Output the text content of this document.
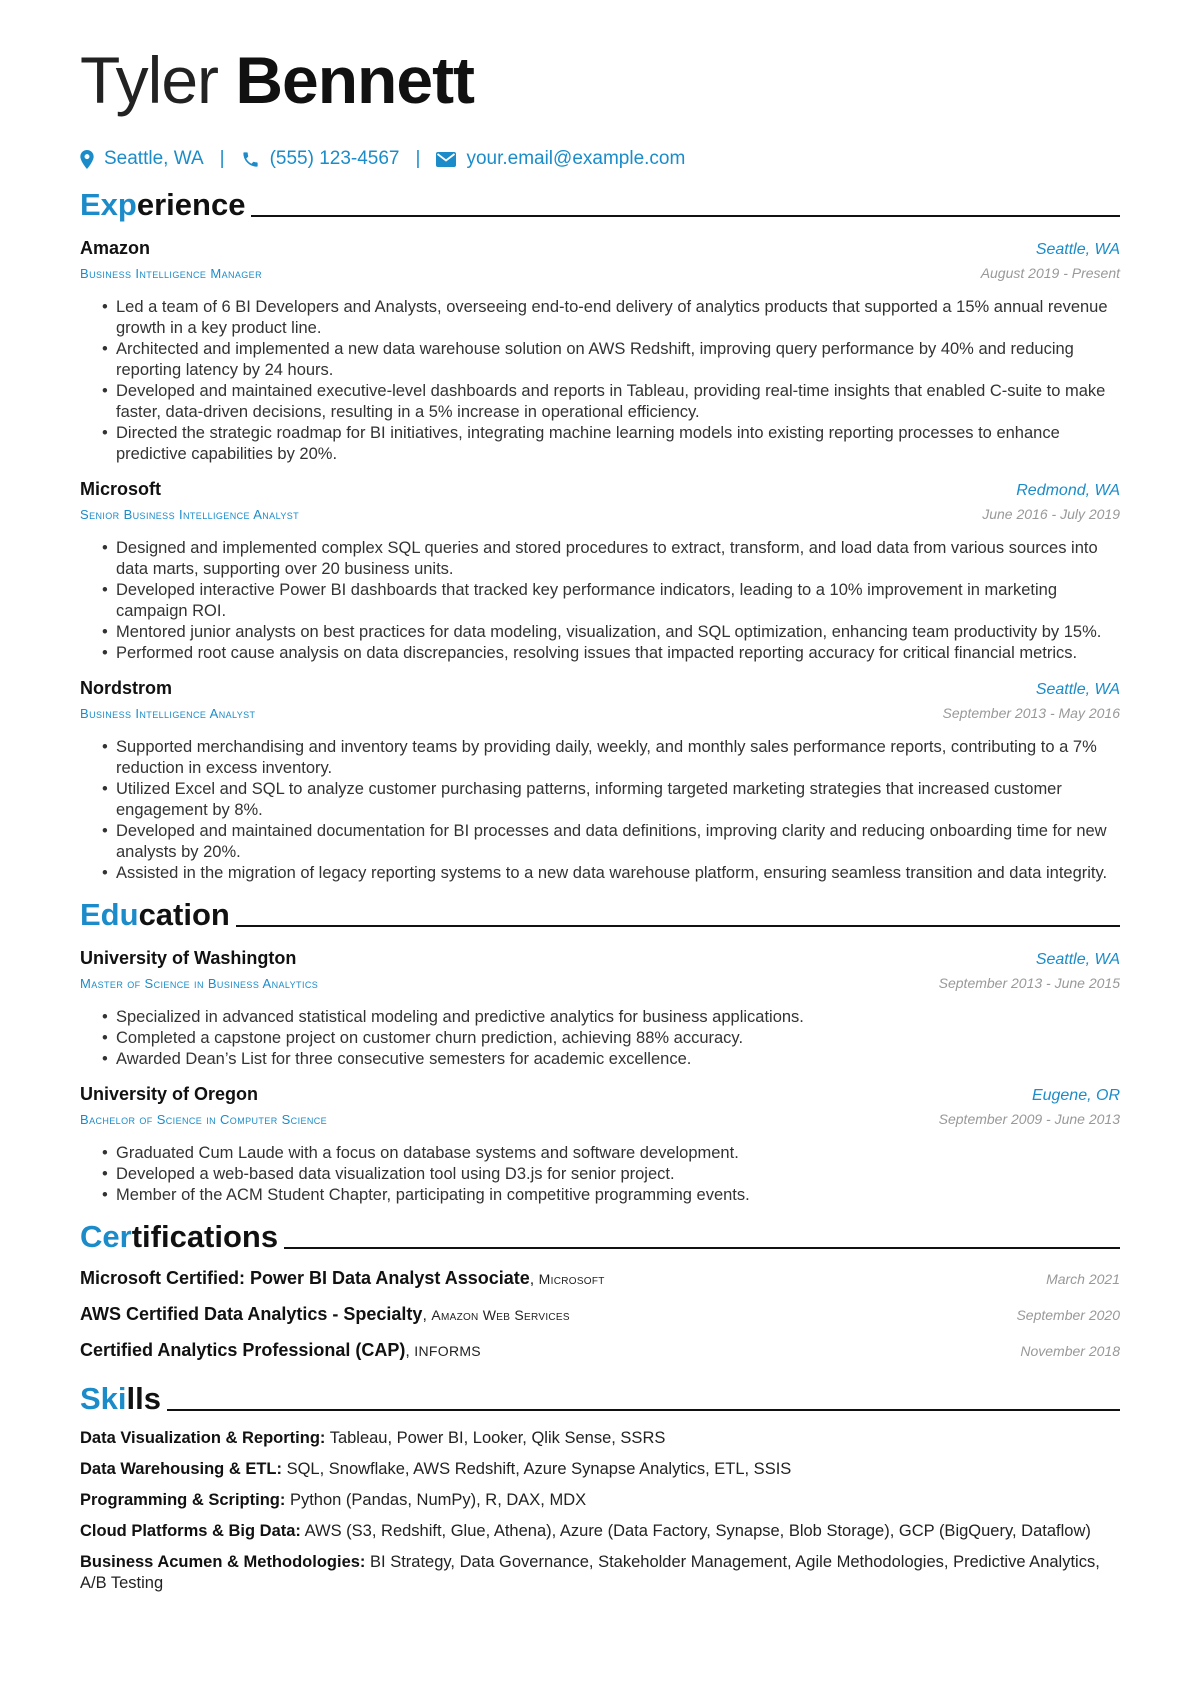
Tyler Bennett
Seattle, WA | (555) 123-4567 | your.email@example.com
Experience
Amazon	Seattle, WA
Business Intelligence Manager	August 2019 - Present
• Led a team of 6 BI Developers and Analysts, overseeing end-to-end delivery of analytics products that supported a 15% annual revenue growth in a key product line.
• Architected and implemented a new data warehouse solution on AWS Redshift, improving query performance by 40% and reducing reporting latency by 24 hours.
• Developed and maintained executive-level dashboards and reports in Tableau, providing real-time insights that enabled C-suite to make faster, data-driven decisions, resulting in a 5% increase in operational efficiency.
• Directed the strategic roadmap for BI initiatives, integrating machine learning models into existing reporting processes to enhance predictive capabilities by 20%.
Microsoft	Redmond, WA
Senior Business Intelligence Analyst	June 2016 - July 2019
• Designed and implemented complex SQL queries and stored procedures to extract, transform, and load data from various sources into data marts, supporting over 20 business units.
• Developed interactive Power BI dashboards that tracked key performance indicators, leading to a 10% improvement in marketing campaign ROI.
• Mentored junior analysts on best practices for data modeling, visualization, and SQL optimization, enhancing team productivity by 15%.
• Performed root cause analysis on data discrepancies, resolving issues that impacted reporting accuracy for critical financial metrics.
Nordstrom	Seattle, WA
Business Intelligence Analyst	September 2013 - May 2016
• Supported merchandising and inventory teams by providing daily, weekly, and monthly sales performance reports, contributing to a 7% reduction in excess inventory.
• Utilized Excel and SQL to analyze customer purchasing patterns, informing targeted marketing strategies that increased customer engagement by 8%.
• Developed and maintained documentation for BI processes and data definitions, improving clarity and reducing onboarding time for new analysts by 20%.
• Assisted in the migration of legacy reporting systems to a new data warehouse platform, ensuring seamless transition and data integrity.
Education
University of Washington	Seattle, WA
Master of Science in Business Analytics	September 2013 - June 2015
• Specialized in advanced statistical modeling and predictive analytics for business applications.
• Completed a capstone project on customer churn prediction, achieving 88% accuracy.
• Awarded Dean’s List for three consecutive semesters for academic excellence.
University of Oregon	Eugene, OR
Bachelor of Science in Computer Science	September 2009 - June 2013
• Graduated Cum Laude with a focus on database systems and software development.
• Developed a web-based data visualization tool using D3.js for senior project.
• Member of the ACM Student Chapter, participating in competitive programming events.
Certifications
Microsoft Certified: Power BI Data Analyst Associate, Microsoft	March 2021
AWS Certified Data Analytics - Specialty, Amazon Web Services	September 2020
Certified Analytics Professional (CAP), INFORMS	November 2018
Skills
Data Visualization & Reporting: Tableau, Power BI, Looker, Qlik Sense, SSRS
Data Warehousing & ETL: SQL, Snowflake, AWS Redshift, Azure Synapse Analytics, ETL, SSIS
Programming & Scripting: Python (Pandas, NumPy), R, DAX, MDX
Cloud Platforms & Big Data: AWS (S3, Redshift, Glue, Athena), Azure (Data Factory, Synapse, Blob Storage), GCP (BigQuery, Dataflow)
Business Acumen & Methodologies: BI Strategy, Data Governance, Stakeholder Management, Agile Methodologies, Predictive Analytics, A/B Testing
